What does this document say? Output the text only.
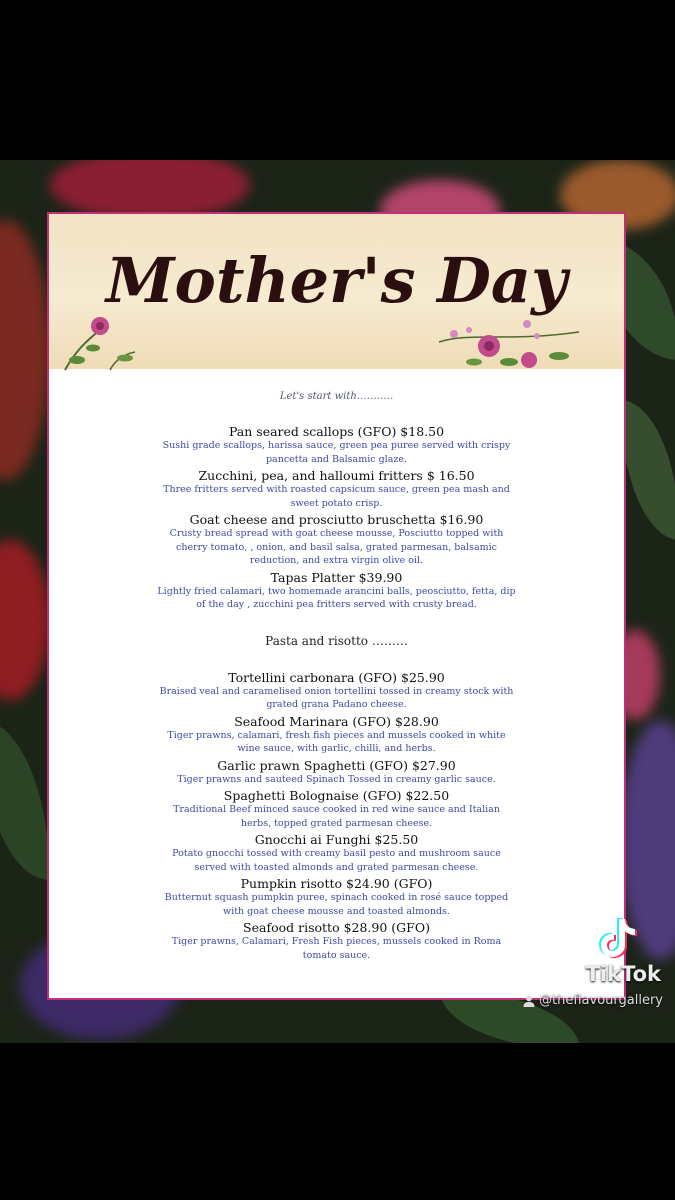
Mother's Day
Let's start with………..
Pan seared scallops (GFO) $18.50
Sushi grade scallops, harissa sauce, green pea puree served with crispy pancetta and Balsamic glaze.
Zucchini, pea, and halloumi fritters $ 16.50
Three fritters served with roasted capsicum sauce, green pea mash and sweet potato crisp.
Goat cheese and prosciutto bruschetta $16.90
Crusty bread spread with goat cheese mousse, Posciutto topped with cherry tomato, , onion, and basil salsa, grated parmesan, balsamic reduction, and extra virgin olive oil.
Tapas Platter $39.90
Lightly fried calamari, two homemade arancini balls, peosciutto, fetta, dip of the day , zucchini pea fritters served with crusty bread.
Pasta and risotto ………
Tortellini carbonara (GFO) $25.90
Braised veal and caramelised onion tortellini tossed in creamy stock with grated grana Padano cheese.
Seafood Marinara (GFO) $28.90
Tiger prawns, calamari, fresh fish pieces and mussels cooked in white wine sauce, with garlic, chilli, and herbs.
Garlic prawn Spaghetti (GFO) $27.90
Tiger prawns and sauteed Spinach Tossed in creamy garlic sauce.
Spaghetti Bolognaise (GFO) $22.50
Traditional Beef minced sauce cooked in red wine sauce and Italian herbs, topped grated parmesan cheese.
Gnocchi ai Funghi $25.50
Potato gnocchi tossed with creamy basil pesto and mushroom sauce served with toasted almonds and grated parmesan cheese.
Pumpkin risotto $24.90 (GFO)
Butternut squash pumpkin puree, spinach cooked in rosé sauce topped with goat cheese mousse and toasted almonds.
Seafood risotto $28.90 (GFO)
Tiger prawns, Calamari, Fresh Fish pieces, mussels cooked in Roma tomato sauce.
TikTok
@theflavourgallery
